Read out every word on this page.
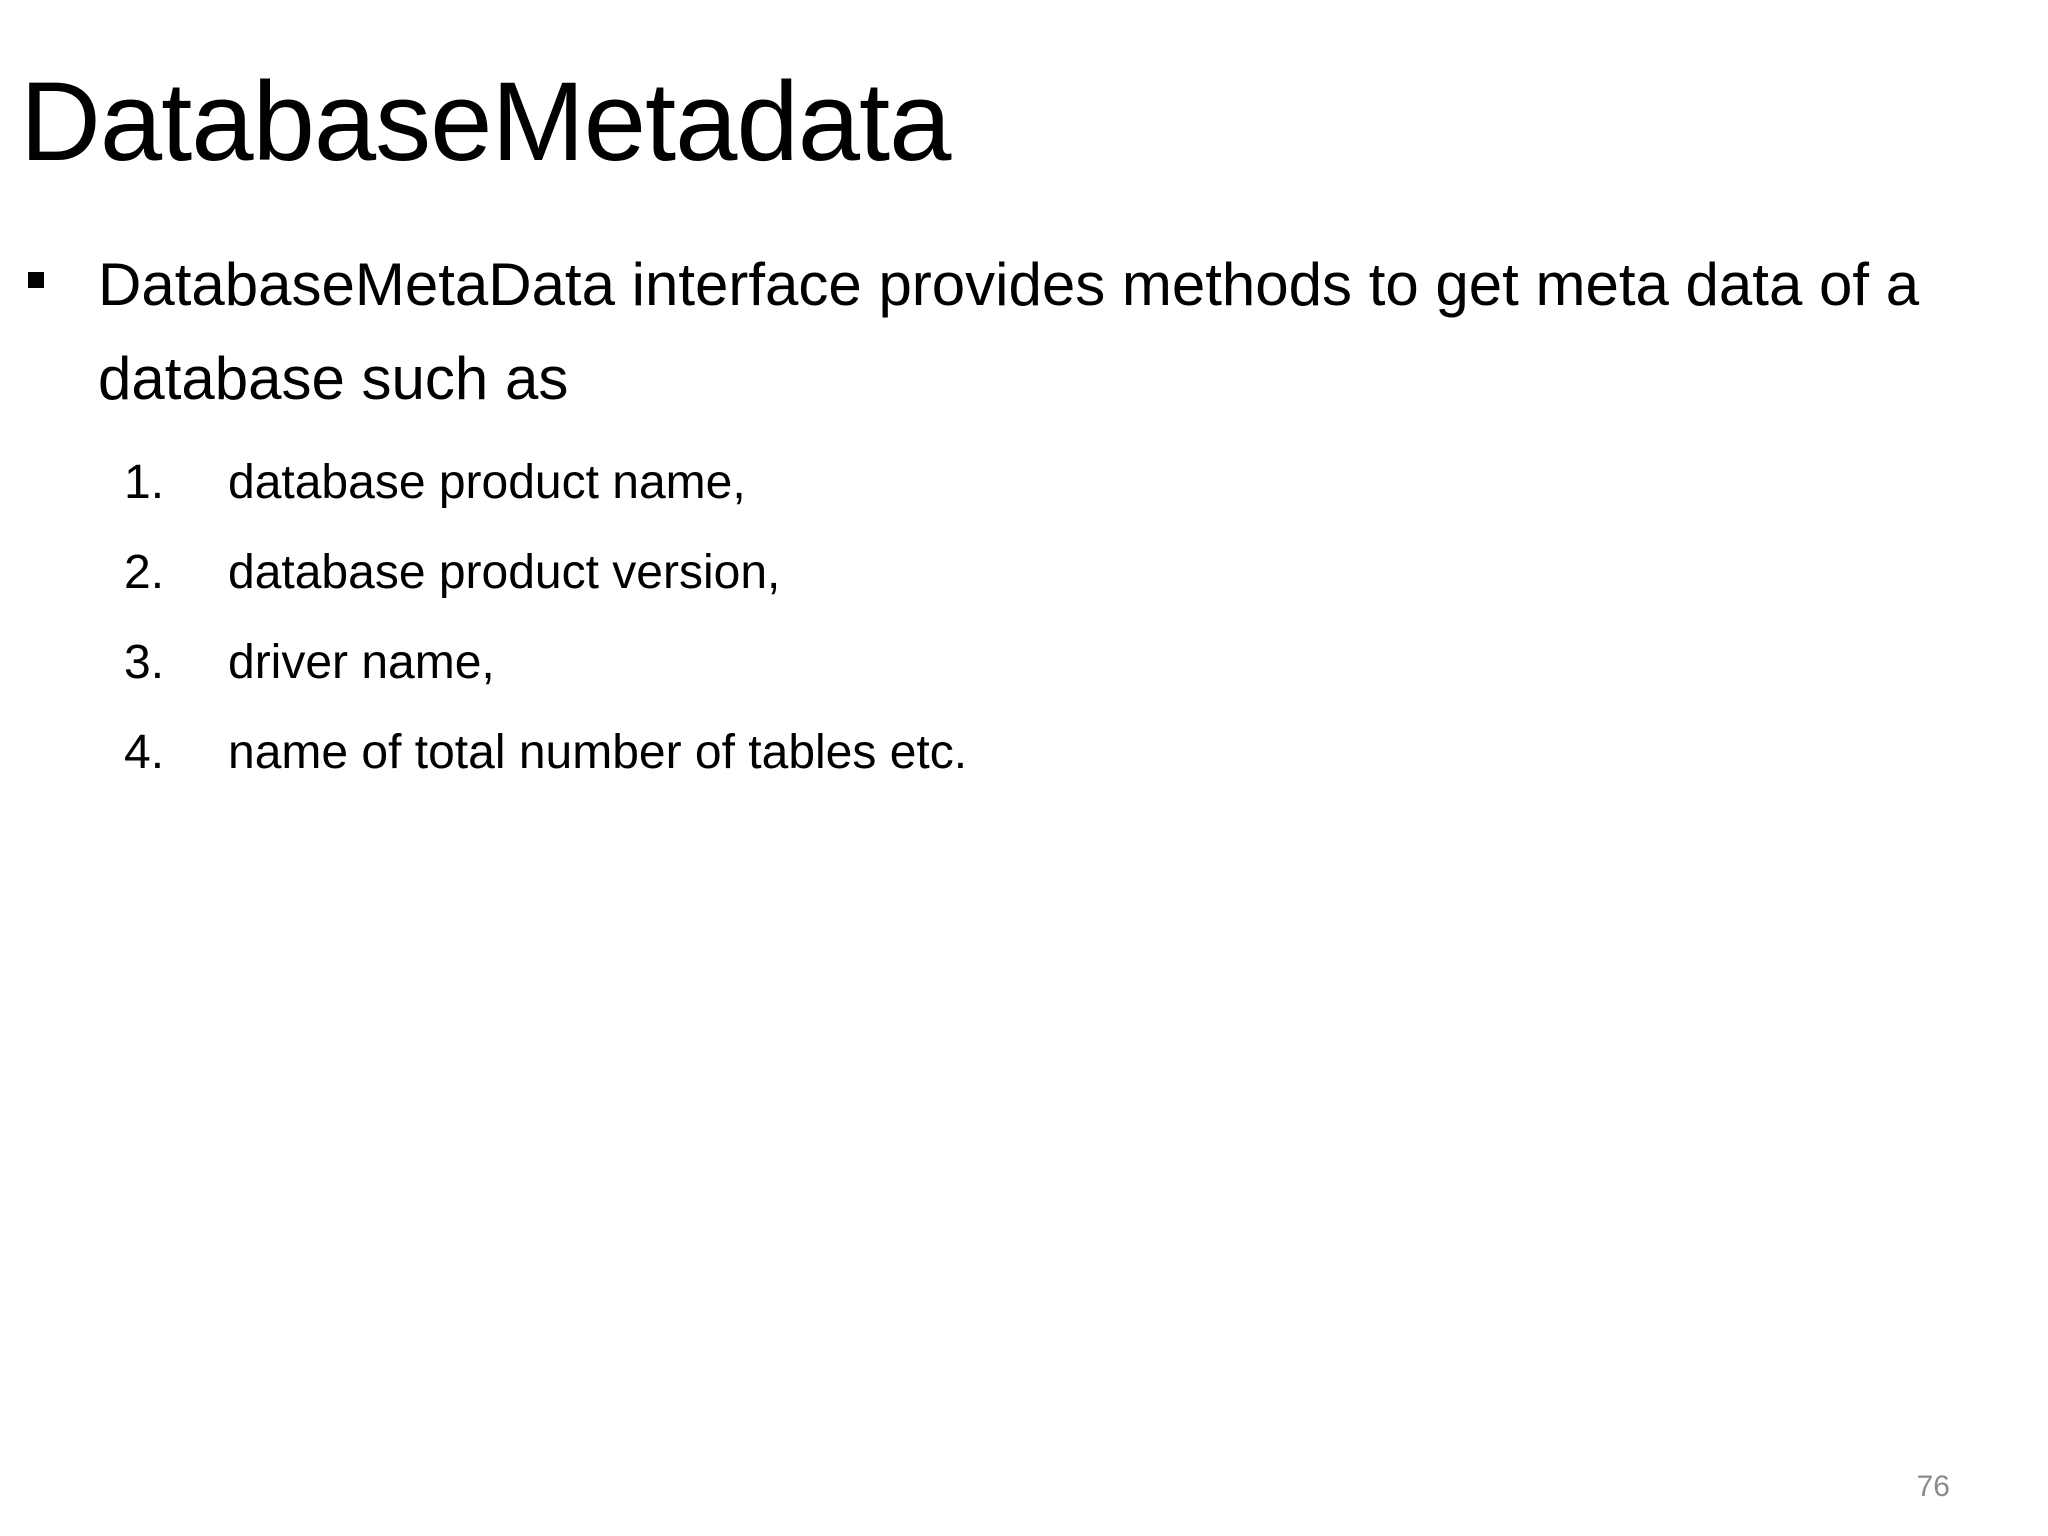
DatabaseMetadata
DatabaseMetaData interface provides methods to get meta data of a database such as
1. database product name,
2. database product version,
3. driver name,
4. name of total number of tables etc.
76
